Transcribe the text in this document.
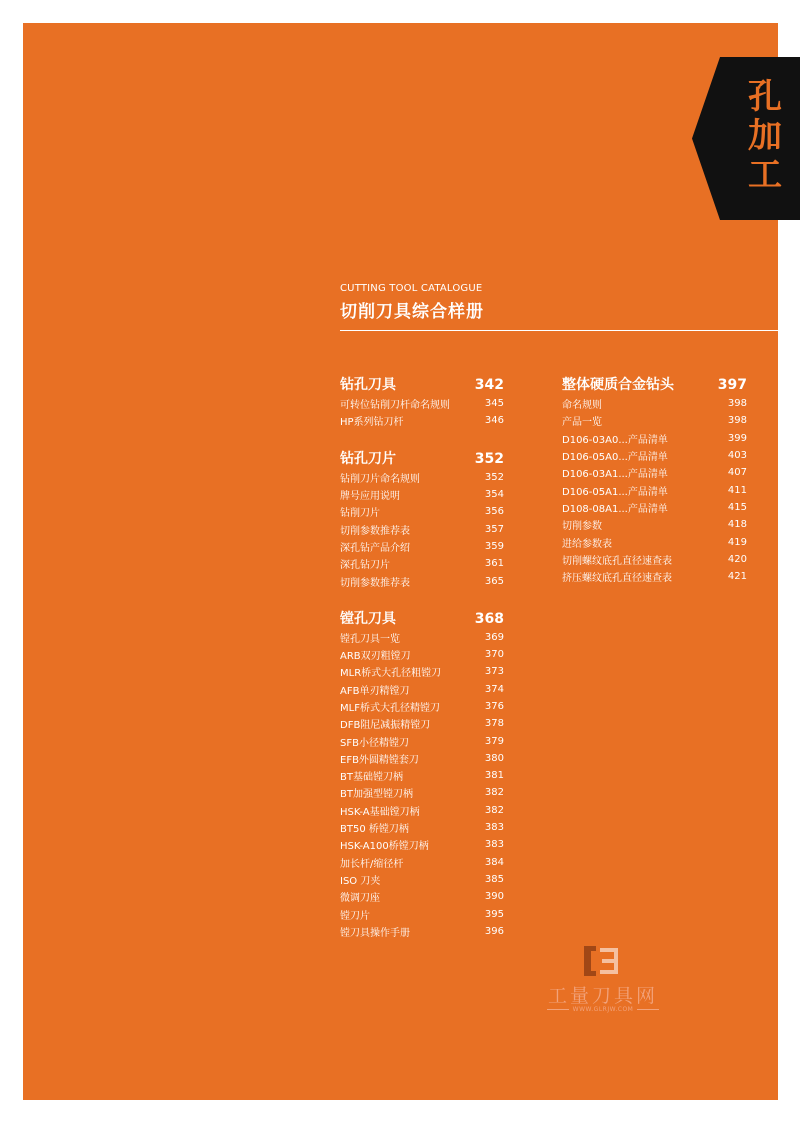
孔
加
工
CUTTING TOOL CATALOGUE
切削刀具综合样册
钻孔刀具	342
可转位钻削刀杆命名规则	345
HP系列钻刀杆	346
钻孔刀片	352
钻削刀片命名规则	352
牌号应用说明	354
钻削刀片	356
切削参数推荐表	357
深孔钻产品介绍	359
深孔钻刀片	361
切削参数推荐表	365
镗孔刀具	368
镗孔刀具一览	369
ARB双刃粗镗刀	370
MLR桥式大孔径粗镗刀	373
AFB单刃精镗刀	374
MLF桥式大孔径精镗刀	376
DFB阻尼减振精镗刀	378
SFB小径精镗刀	379
EFB外圆精镗套刀	380
BT基础镗刀柄	381
BT加强型镗刀柄	382
HSK-A基础镗刀柄	382
BT50 桥镗刀柄	383
HSK-A100桥镗刀柄	383
加长杆/缩径杆	384
ISO 刀夹	385
微调刀座	390
镗刀片	395
镗刀具操作手册	396
整体硬质合金钻头	397
命名规则	398
产品一览	398
D106-03A0...产品清单	399
D106-05A0...产品清单	403
D106-03A1...产品清单	407
D106-05A1...产品清单	411
D108-08A1...产品清单	415
切削参数	418
进给参数表	419
切削螺纹底孔直径速查表	420
挤压螺纹底孔直径速查表	421
工量刀具网
WWW.GLRJW.COM
